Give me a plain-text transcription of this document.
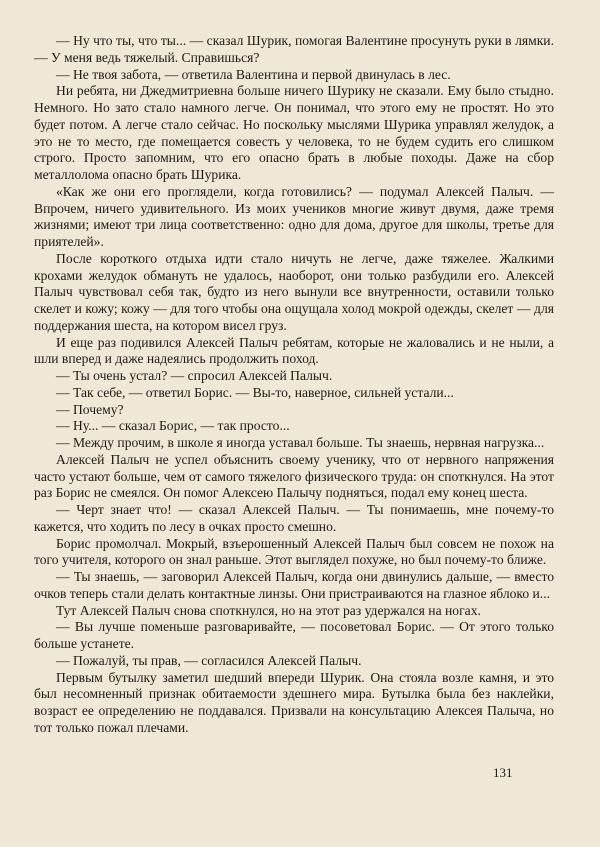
— Ну что ты, что ты... — сказал Шурик, помогая Валентине просунуть руки в лямки. — У меня ведь тяжелый. Справишься?

— Не твоя забота, — ответила Валентина и первой двинулась в лес.

Ни ребята, ни Джедмитриевна больше ничего Шурику не сказали. Ему было стыдно. Немного. Но зато стало намного легче. Он понимал, что этого ему не простят. Но это будет потом. А легче стало сейчас. Но поскольку мыслями Шурика управлял желудок, а это не то место, где помещается совесть у человека, то не будем судить его слишком строго. Просто запомним, что его опасно брать в любые походы. Даже на сбор металлолома опасно брать Шурика.

«Как же они его проглядели, когда готовились? — подумал Алексей Палыч. — Впрочем, ничего удивительного. Из моих учеников многие живут двумя, даже тремя жизнями; имеют три лица соответственно: одно для дома, другое для школы, третье для приятелей».

После короткого отдыха идти стало ничуть не легче, даже тяжелее. Жалкими крохами желудок обмануть не удалось, наоборот, они только разбудили его. Алексей Палыч чувствовал себя так, будто из него вынули все внутренности, оставили только скелет и кожу; кожу — для того чтобы она ощущала холод мокрой одежды, скелет — для поддержания шеста, на котором висел груз.

И еще раз подивился Алексей Палыч ребятам, которые не жаловались и не ныли, а шли вперед и даже надеялись продолжить поход.

— Ты очень устал? — спросил Алексей Палыч.

— Так себе, — ответил Борис. — Вы-то, наверное, сильней устали...

— Почему?

— Ну... — сказал Борис, — так просто...

— Между прочим, в школе я иногда уставал больше. Ты знаешь, нервная нагрузка...

Алексей Палыч не успел объяснить своему ученику, что от нервного напряжения часто устают больше, чем от самого тяжелого физического труда: он споткнулся. На этот раз Борис не смеялся. Он помог Алексею Палычу подняться, подал ему конец шеста.

— Черт знает что! — сказал Алексей Палыч. — Ты понимаешь, мне почему-то кажется, что ходить по лесу в очках просто смешно.

Борис промолчал. Мокрый, взъерошенный Алексей Палыч был совсем не похож на того учителя, которого он знал раньше. Этот выглядел похуже, но был почему-то ближе.

— Ты знаешь, — заговорил Алексей Палыч, когда они двинулись дальше, — вместо очков теперь стали делать контактные линзы. Они пристраиваются на глазное яблоко и...

Тут Алексей Палыч снова споткнулся, но на этот раз удержался на ногах.

— Вы лучше поменьше разговаривайте, — посоветовал Борис. — От этого только больше устанете.

— Пожалуй, ты прав, — согласился Алексей Палыч.

Первым бутылку заметил шедший впереди Шурик. Она стояла возле камня, и это был несомненный признак обитаемости здешнего мира. Бутылка была без наклейки, возраст ее определению не поддавался. Призвали на консультацию Алексея Палыча, но тот только пожал плечами.

131
